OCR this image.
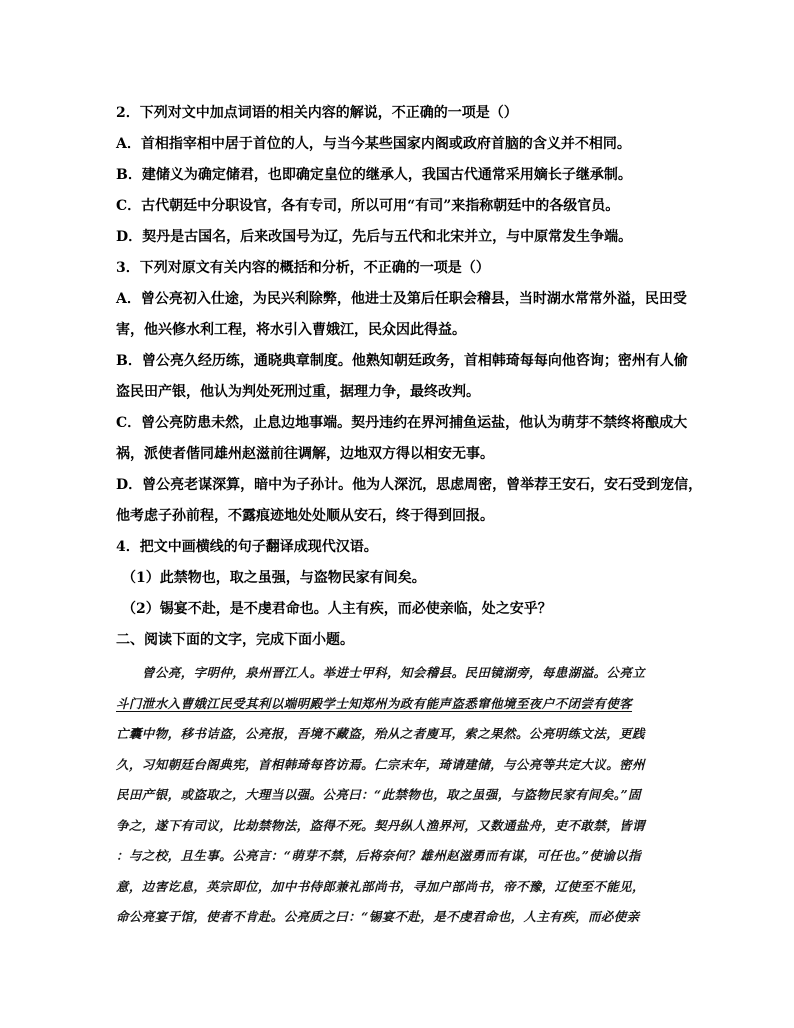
2．下列对文中加点词语的相关内容的解说，不正确的一项是（）
A．首相指宰相中居于首位的人，与当今某些国家内阁或政府首脑的含义并不相同。
B．建储义为确定储君，也即确定皇位的继承人，我国古代通常采用嫡长子继承制。
C．古代朝廷中分职设官，各有专司，所以可用“有司”来指称朝廷中的各级官员。
D．契丹是古国名，后来改国号为辽，先后与五代和北宋并立，与中原常发生争端。
3．下列对原文有关内容的概括和分析，不正确的一项是（）
A．曾公亮初入仕途，为民兴利除弊，他进士及第后任职会稽县，当时湖水常常外溢，民田受
害，他兴修水利工程，将水引入曹娥江，民众因此得益。
B．曾公亮久经历练，通晓典章制度。他熟知朝廷政务，首相韩琦每每向他咨询；密州有人偷
盗民田产银，他认为判处死刑过重，据理力争，最终改判。
C．曾公亮防患未然，止息边地事端。契丹违约在界河捕鱼运盐，他认为萌芽不禁终将酿成大
祸，派使者偕同雄州赵滋前往调解，边地双方得以相安无事。
D．曾公亮老谋深算，暗中为子孙计。他为人深沉，思虑周密，曾举荐王安石，安石受到宠信，
他考虑子孙前程，不露痕迹地处处顺从安石，终于得到回报。
4．把文中画横线的句子翻译成现代汉语。
（1）此禁物也，取之虽强，与盗物民家有间矣。
（2）锡宴不赴，是不虔君命也。人主有疾，而必使亲临，处之安乎？
二、阅读下面的文字，完成下面小题。
曾公亮，字明仲，泉州晋江人。举进士甲科，知会稽县。民田镜湖旁，每患湖溢。公亮立
斗门泄水入曹娥江民受其利以端明殿学士知郑州为政有能声盗悉窜他境至夜户不闭尝有使客
亡囊中物，移书诘盗，公亮报，吾境不藏盗，殆从之者廋耳，索之果然。公亮明练文法，更践
久，习知朝廷台阁典宪，首相韩琦每咨访焉。仁宗末年，琦请建储，与公亮等共定大议。密州
民田产银，或盗取之，大理当以强。公亮曰：“此禁物也，取之虽强，与盗物民家有间矣。”固
争之，遂下有司议，比劫禁物法，盗得不死。契丹纵人渔界河，又数通盐舟，吏不敢禁，皆谓
：与之校，且生事。公亮言：“萌芽不禁，后将奈何？雄州赵滋勇而有谋，可任也。”使谕以指
意，边害讫息，英宗即位，加中书侍郎兼礼部尚书，寻加户部尚书，帝不豫，辽使至不能见，
命公亮宴于馆，使者不肯赴。公亮质之曰：“锡宴不赴，是不虔君命也，人主有疾，而必使亲
